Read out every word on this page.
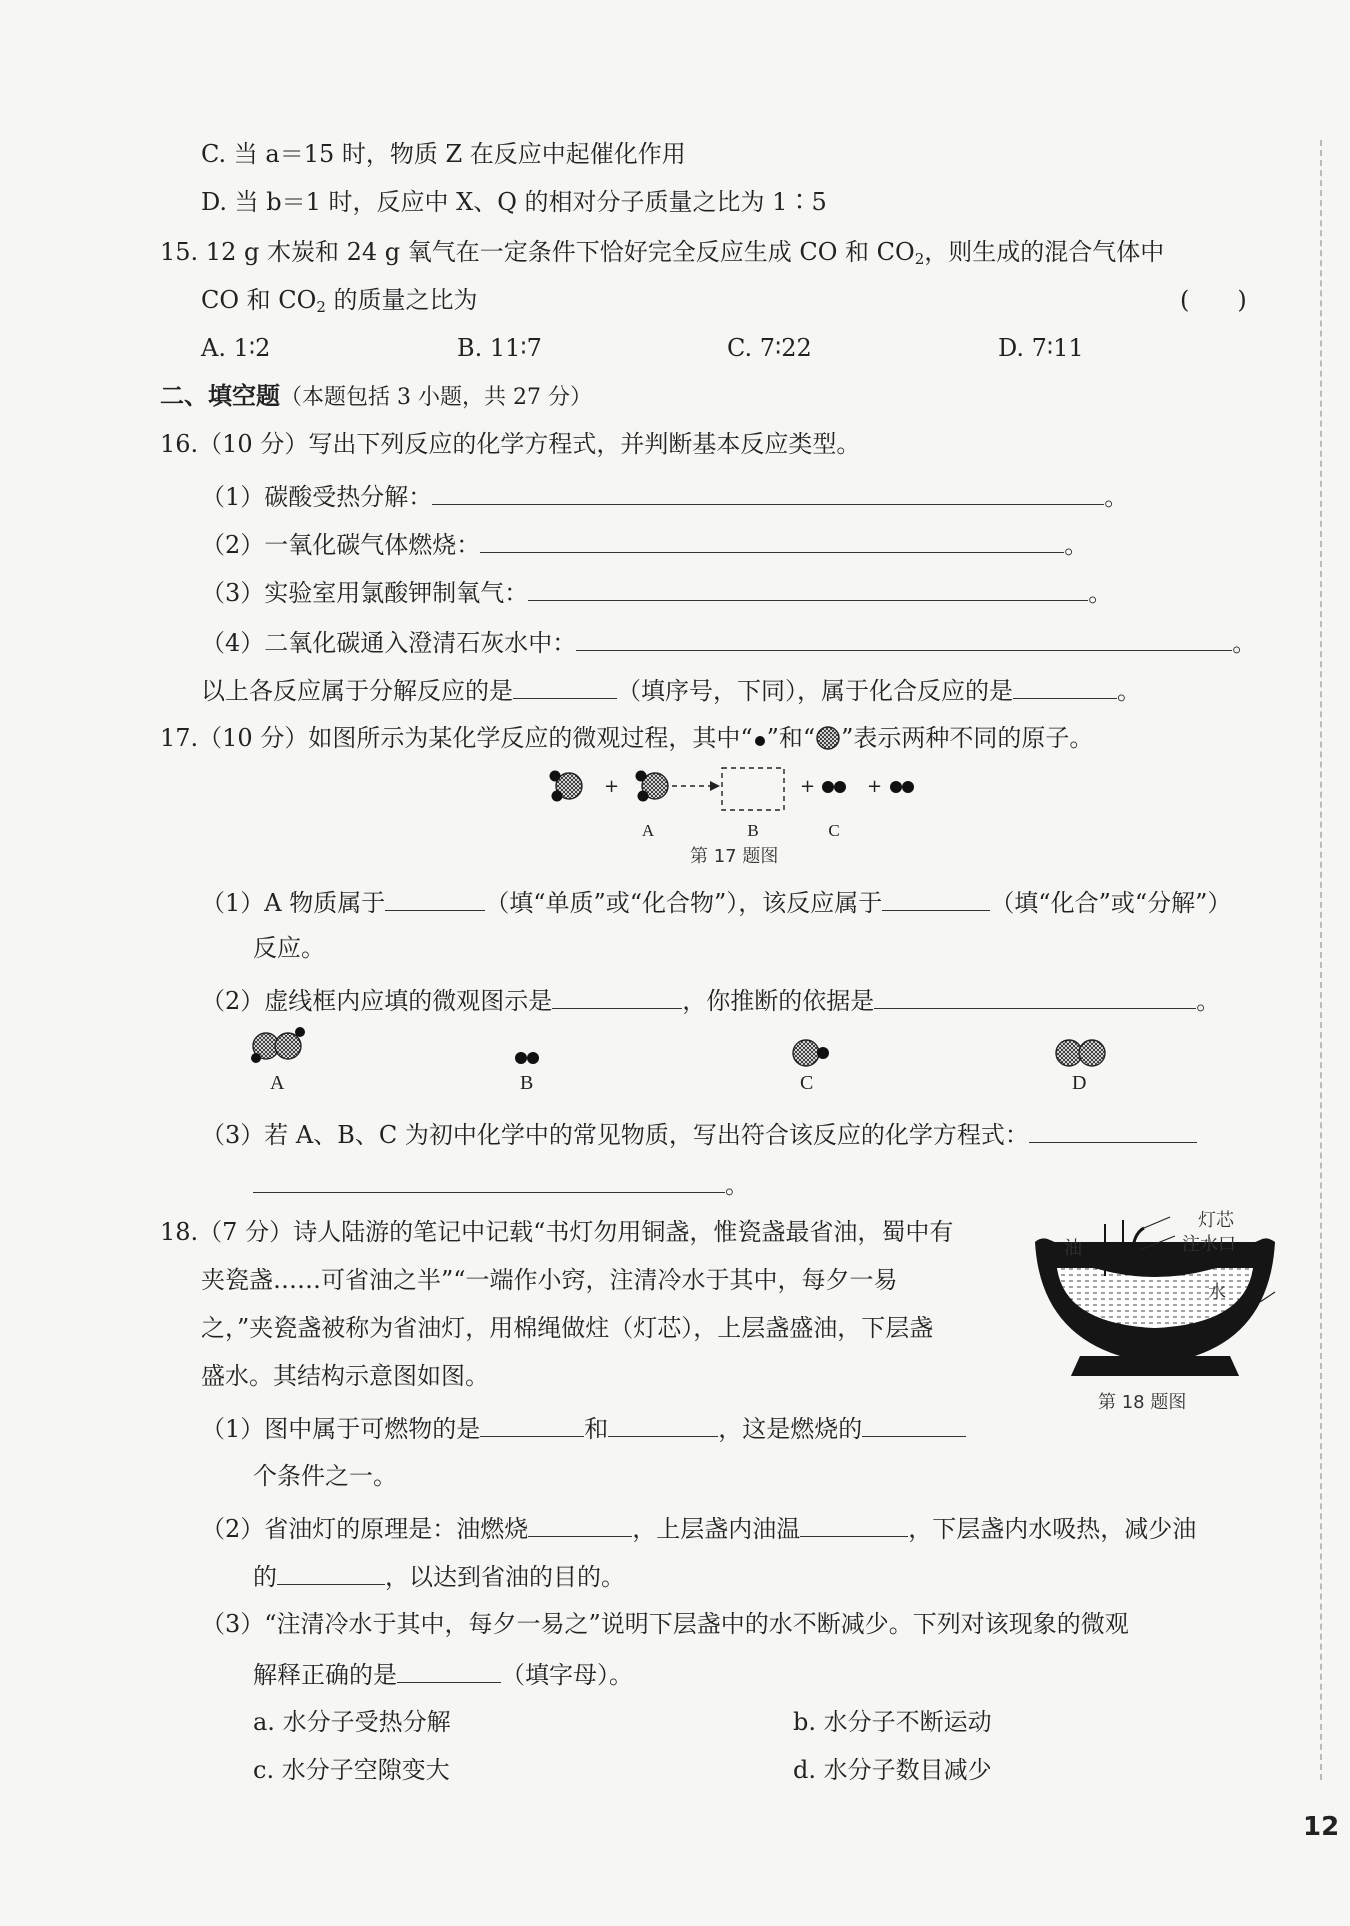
C. 当 a＝15 时，物质 Z 在反应中起催化作用
D. 当 b＝1 时，反应中 X、Q 的相对分子质量之比为 1∶5
15. 12 g 木炭和 24 g 氧气在一定条件下恰好完全反应生成 CO 和 $CO_2$，则生成的混合气体中
CO 和 $CO_2$ 的质量之比为	(　　)
A. 1∶2	B. 11∶7	C. 7∶22	D. 7∶11
二、填空题（本题包括 3 小题，共 27 分）
16.（10 分）写出下列反应的化学方程式，并判断基本反应类型。
（1）碳酸受热分解：	。
（2）一氧化碳气体燃烧：	。
（3）实验室用氯酸钾制氧气：	。
（4）二氧化碳通入澄清石灰水中：	。
以上各反应属于分解反应的是	（填序号，下同），属于化合反应的是	。
17.（10 分）如图所示为某化学反应的微观过程，其中“ ”和“ ”表示两种不同的原子。
+	+	+
A	B	C
第 17 题图
（1）A 物质属于	（填“单质”或“化合物”），该反应属于	（填“化合”或“分解”）
反应。
（2）虚线框内应填的微观图示是	，你推断的依据是	。
A	B	C	D
（3）若 A、B、C 为初中化学中的常见物质，写出符合该反应的化学方程式：
。
18.（7 分）诗人陆游的笔记中记载“书灯勿用铜盏，惟瓷盏最省油，蜀中有
夹瓷盏……可省油之半”“一端作小窍，注清冷水于其中，每夕一易
之，”夹瓷盏被称为省油灯，用棉绳做炷（灯芯），上层盏盛油，下层盏
盛水。其结构示意图如图。
灯芯
注水口
油
水
第 18 题图
（1）图中属于可燃物的是	和	，这是燃烧的
个条件之一。
（2）省油灯的原理是：油燃烧	，上层盏内油温	，下层盏内水吸热，减少油
的	，以达到省油的目的。
（3）“注清冷水于其中，每夕一易之”说明下层盏中的水不断减少。下列对该现象的微观
解释正确的是	（填字母）。
a. 水分子受热分解	b. 水分子不断运动
c. 水分子空隙变大	d. 水分子数目减少
12
